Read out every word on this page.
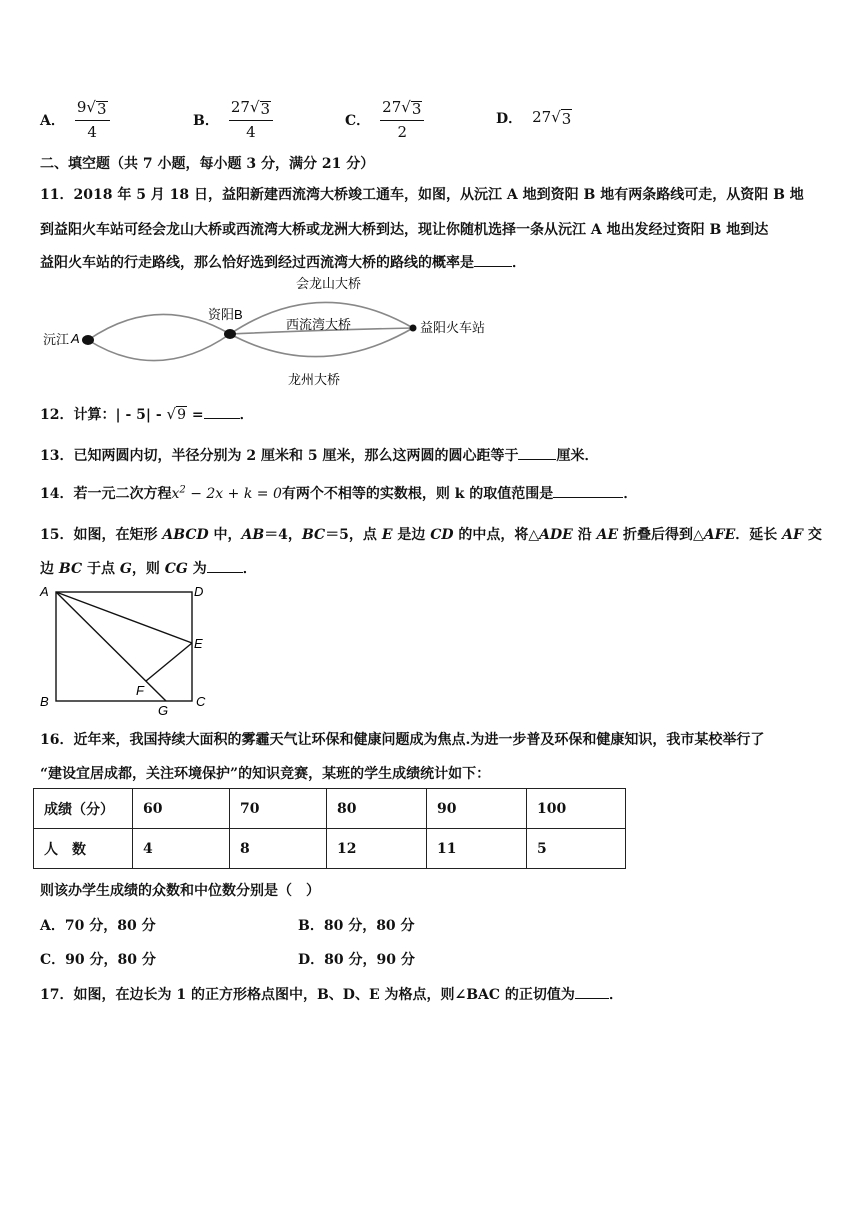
A． $\frac{9 √ 3}{4}$	B． $\frac{27 √ 3}{4}$	C． $\frac{27 √ 3}{2}$	D． 27 √ 3
二、填空题（共 7 小题，每小题 3 分，满分 21 分）
11．2018 年 5 月 18 日，益阳新建西流湾大桥竣工通车，如图，从沅江 A 地到资阳 B 地有两条路线可走，从资阳 B 地
到益阳火车站可经会龙山大桥或西流湾大桥或龙洲大桥到达，现让你随机选择一条从沅江 A 地出发经过资阳 B 地到达
益阳火车站的行走路线，那么恰好选到经过西流湾大桥的路线的概率是	．
沅江 A
资阳B
益阳火车站
会龙山大桥
西流湾大桥
龙州大桥
12．计算：| - 5| - √ 9 =	．
13．已知两圆内切，半径分别为 2 厘米和 5 厘米，那么这两圆的圆心距等于	厘米．
14．若一元二次方程$x^2 - 2x + k = 0$有两个不相等的实数根，则 k 的取值范围是	．
15．如图，在矩形 ABCD 中，AB＝4，BC＝5，点 E 是边 CD 的中点，将△ADE 沿 AE 折叠后得到△AFE．延长 AF 交
边 BC 于点 G，则 CG 为	．
A	D
E
B	C
F
G
16．近年来，我国持续大面积的雾霾天气让环保和健康问题成为焦点.为进一步普及环保和健康知识，我市某校举行了
“建设宜居成都，关注环境保护”的知识竞赛，某班的学生成绩统计如下：
成绩（分）	60	70	80	90	100
人　数	4	8	12	11	5
则该办学生成绩的众数和中位数分别是（　）
A．70 分，80 分	B．80 分，80 分
C．90 分，80 分	D．80 分，90 分
17．如图，在边长为 1 的正方形格点图中，B、D、E 为格点，则∠BAC 的正切值为 ．
